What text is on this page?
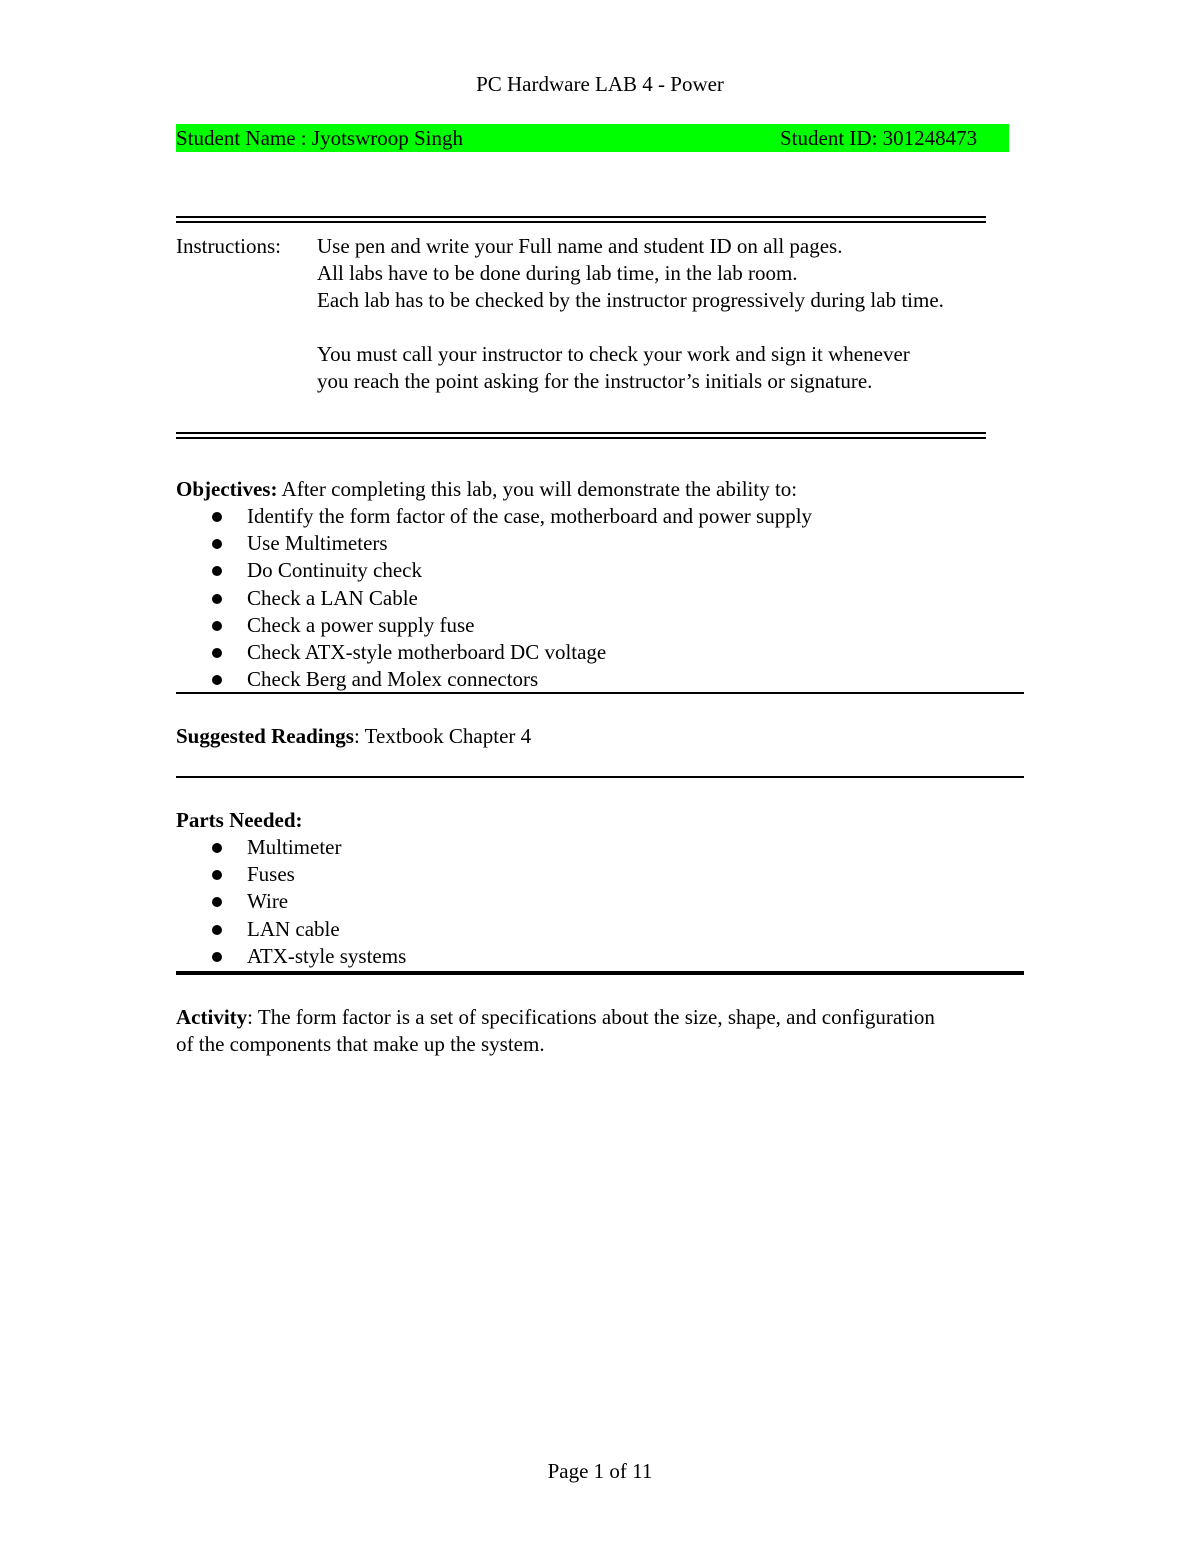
PC Hardware LAB 4 - Power
Student Name : Jyotswroop Singh	Student ID: 301248473
Instructions: Use pen and write your Full name and student ID on all pages.
All labs have to be done during lab time, in the lab room.
Each lab has to be checked by the instructor progressively during lab time.
You must call your instructor to check your work and sign it whenever
you reach the point asking for the instructor’s initials or signature.
Objectives: After completing this lab, you will demonstrate the ability to:
Identify the form factor of the case, motherboard and power supply
Use Multimeters
Do Continuity check
Check a LAN Cable
Check a power supply fuse
Check ATX-style motherboard DC voltage
Check Berg and Molex connectors
Suggested Readings: Textbook Chapter 4
Parts Needed:
Multimeter
Fuses
Wire
LAN cable
ATX-style systems
Activity: The form factor is a set of specifications about the size, shape, and configuration of the components that make up the system.
Page 1 of 11
